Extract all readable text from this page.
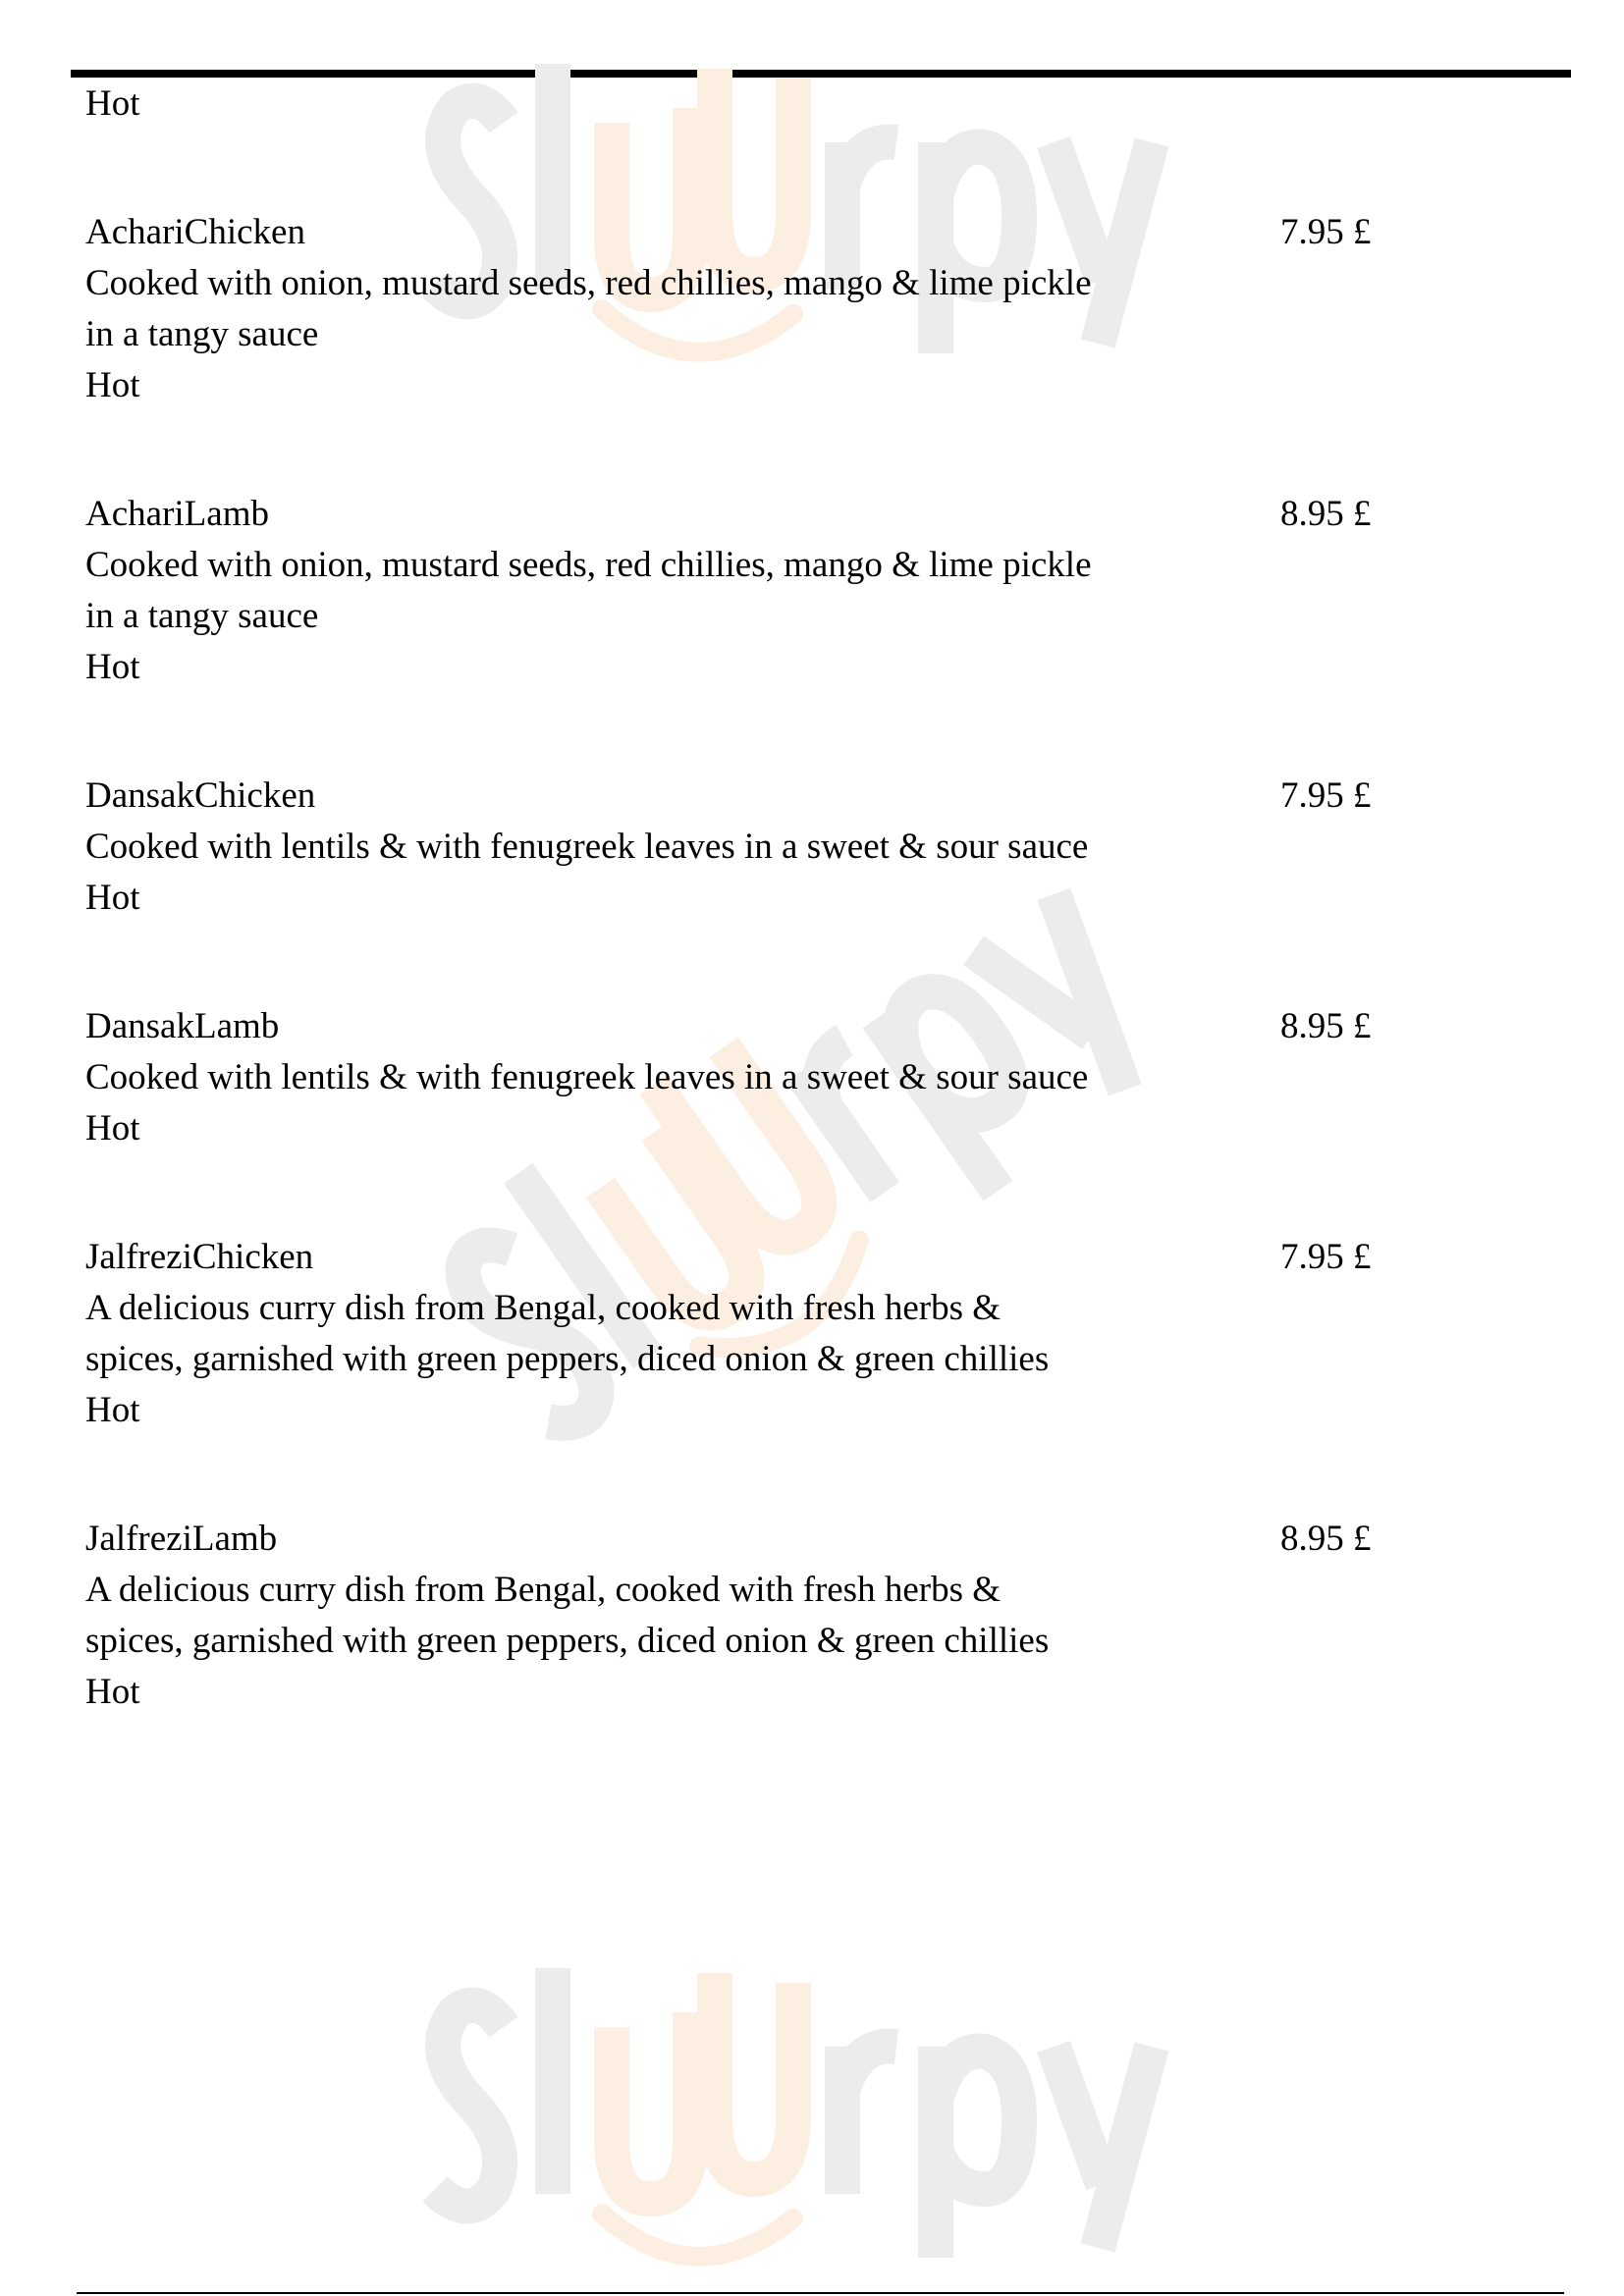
Hot
AchariChicken	7.95 £
Cooked with onion, mustard seeds, red chillies, mango & lime pickle
in a tangy sauce
Hot
AchariLamb	8.95 £
Cooked with onion, mustard seeds, red chillies, mango & lime pickle
in a tangy sauce
Hot
DansakChicken	7.95 £
Cooked with lentils & with fenugreek leaves in a sweet & sour sauce
Hot
DansakLamb	8.95 £
Cooked with lentils & with fenugreek leaves in a sweet & sour sauce
Hot
JalfreziChicken	7.95 £
A delicious curry dish from Bengal, cooked with fresh herbs &
spices, garnished with green peppers, diced onion & green chillies
Hot
JalfreziLamb	8.95 £
A delicious curry dish from Bengal, cooked with fresh herbs &
spices, garnished with green peppers, diced onion & green chillies
Hot
